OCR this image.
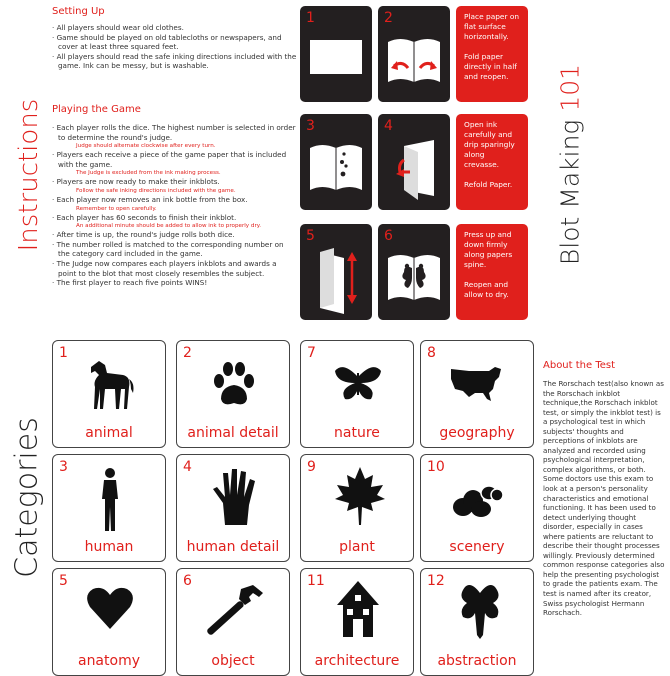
Instructions
Setting Up
· All players should wear old clothes.
· Game should be played on old tablecloths or newspapers, and cover at least three squared feet.
· All players should read the safe inking directions included with the game. Ink can be messy, but is washable.
Playing the Game
· Each player rolls the dice. The highest number is selected in order to determine the round's judge.
Judge should alternate clockwise after every turn.
· Players each receive a piece of the game paper that is included with the game.
The Judge is excluded from the ink making process.
· Players are now ready to make their inkblots.
Follow the safe inking directions included with the game.
· Each player now removes an ink bottle from the box.
Remember to open carefully.
· Each player has 60 seconds to finish their inkblot.
An additional minute should be added to allow ink to properly dry.
· After time is up, the round's judge rolls both dice.
· The number rolled is matched to the corresponding number on the category card included in the game.
· The Judge now compares each players inkblots and awards a point to the blot that most closely resembles the subject.
· The first player to reach five points WINS!
1	2	Place paper on flat surface horizontally.

Fold paper directly in half and reopen.

3	4	Open ink carefully and drip sparingly along crevasse.

Refold Paper.

5	6	Press up and down firmly along papers spine.

Reopen and allow to dry.

Blot Making 101
Categories
1
animal
2
animal detail
7
nature
8
geography
3
human
4
human detail
9
plant
10
scenery
5
anatomy
6
object
11
architecture
12
abstraction
About the Test
The Rorschach test(also known as the Rorschach inkblot technique,the Rorschach inkblot test, or simply the inkblot test) is a psychological test in which subjects' thoughts and perceptions of inkblots are analyzed and recorded using psychological interpretation, complex algorithms, or both. Some doctors use this exam to look at a person's personality characteristics and emotional functioning. It has been used to detect underlying thought disorder, especially in cases where patients are reluctant to describe their thought processes willingly. Previously determined common response categories also help the presenting psychologist to grade the patients exam. The test is named after its creator, Swiss psychologist Hermann Rorschach.
